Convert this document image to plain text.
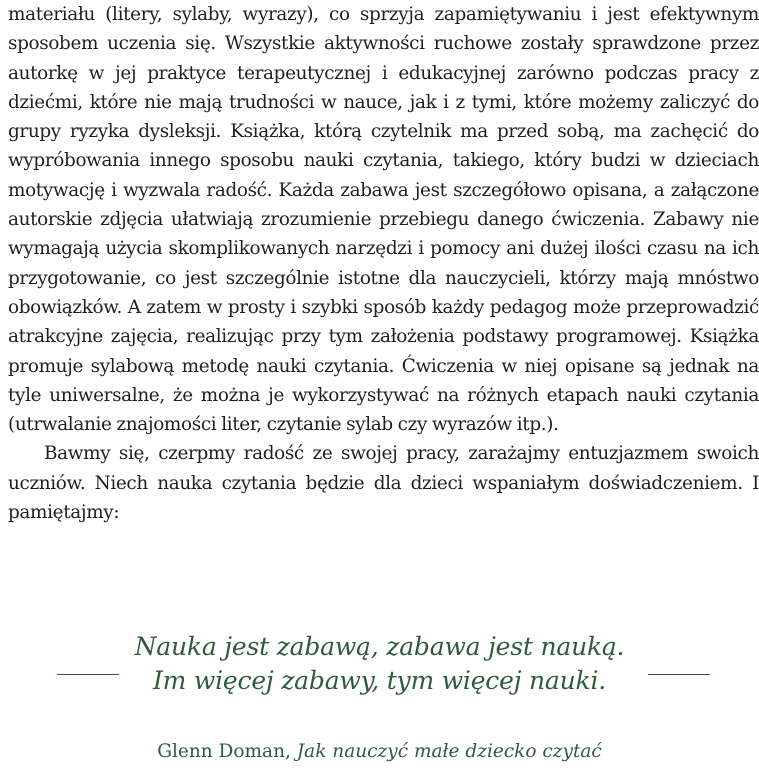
materiału (litery, sylaby, wyrazy), co sprzyja zapamiętywaniu i jest efektywnym sposobem uczenia się. Wszystkie aktywności ruchowe zostały sprawdzone przez autorkę w jej praktyce terapeutycznej i edukacyjnej zarówno podczas pracy z dziećmi, które nie mają trudności w nauce, jak i z tymi, które możemy zaliczyć do grupy ryzyka dysleksji. Książka, którą czytelnik ma przed sobą, ma zachęcić do wypróbowania innego sposobu nauki czytania, takiego, który budzi w dzieciach motywację i wyzwala radość. Każda zabawa jest szczegółowo opisana, a załączone autorskie zdjęcia ułatwiają zrozumienie przebiegu danego ćwiczenia. Zabawy nie wymagają użycia skomplikowanych narzędzi i pomocy ani dużej ilości czasu na ich przygotowanie, co jest szczególnie istotne dla nauczycieli, którzy mają mnóstwo obowiązków. A zatem w prosty i szybki sposób każdy pedagog może przeprowadzić atrakcyjne zajęcia, realizując przy tym założenia podstawy programowej. Książka promuje sylabową metodę nauki czytania. Ćwiczenia w niej opisane są jednak na tyle uniwersalne, że można je wykorzystywać na różnych etapach nauki czytania (utrwalanie znajomości liter, czytanie sylab czy wyrazów itp.).

Bawmy się, czerpmy radość ze swojej pracy, zarażajmy entuzjazmem swoich uczniów. Niech nauka czytania będzie dla dzieci wspaniałym doświadczeniem. I pamiętajmy:

Nauka jest zabawą, zabawa jest nauką.
Im więcej zabawy, tym więcej nauki.
Glenn Doman, Jak nauczyć małe dziecko czytać
